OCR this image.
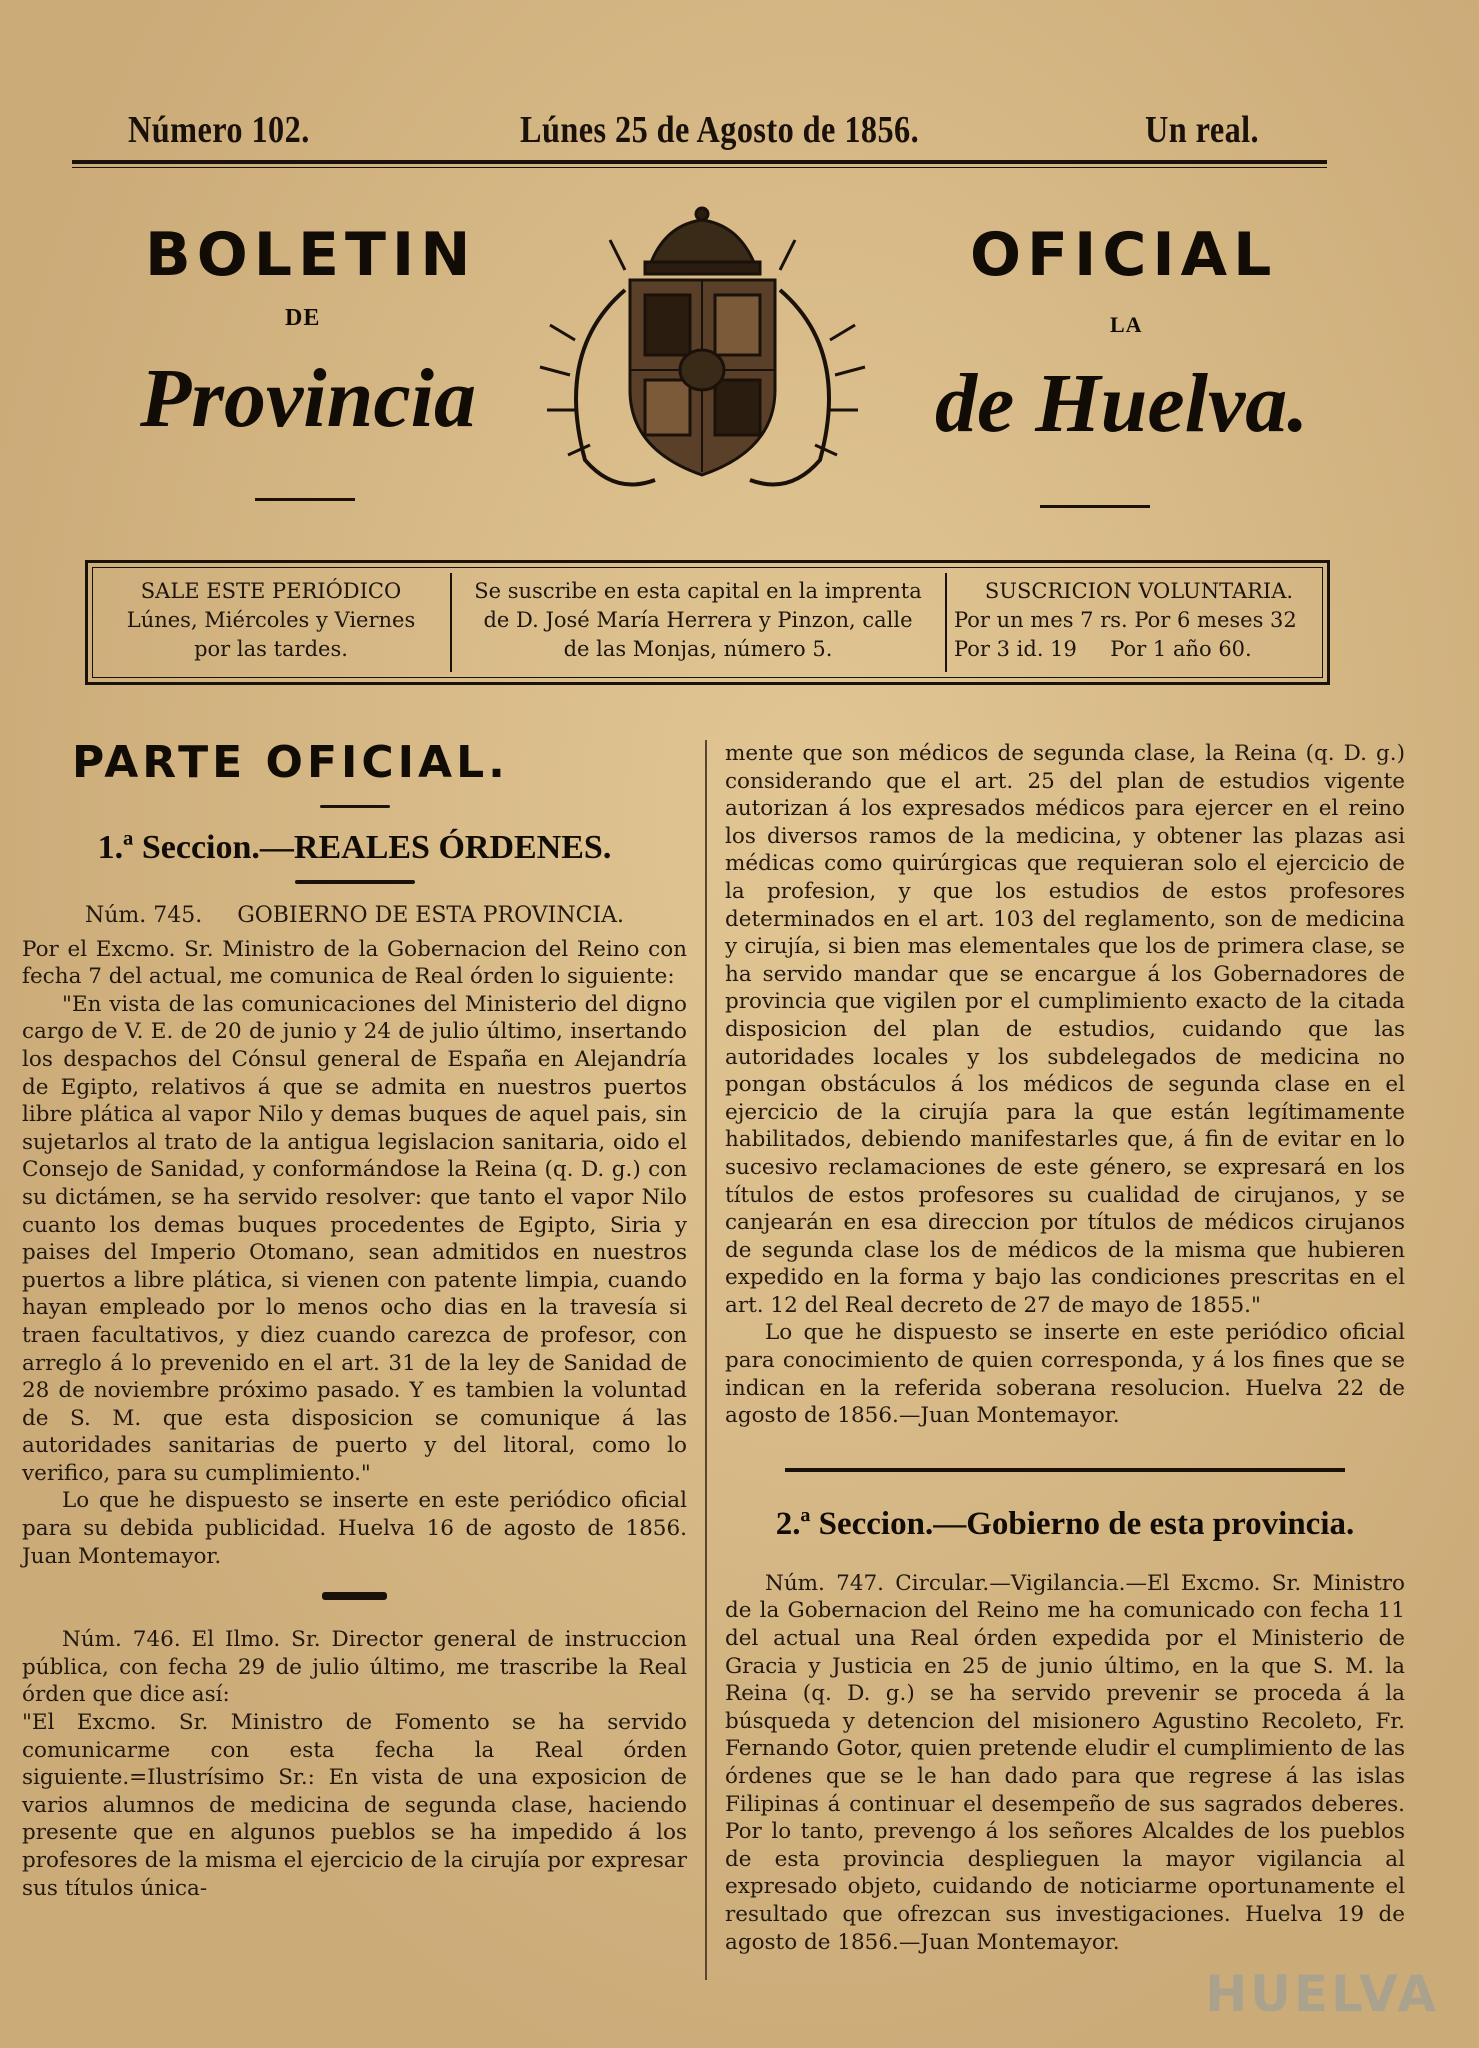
Número 102.	Lúnes 25 de Agosto de 1856.	Un real.
BOLETIN	OFICIAL
DE	LA
Provincia	de Huelva.
SALE ESTE PERIÓDICO
Lúnes, Miércoles y Viernes
por las tardes.
Se suscribe en esta capital en la imprenta
de D. José María Herrera y Pinzon, calle
de las Monjas, número 5.
SUSCRICION VOLUNTARIA.
Por un mes 7 rs. Por 6 meses 32
Por 3 id. 19     Por 1 año 60.
PARTE OFICIAL.
1.ª Seccion.—REALES ÓRDENES.

Núm. 745.     GOBIERNO DE ESTA PROVINCIA.

Por el Excmo. Sr. Ministro de la Gobernacion del Reino con fecha 7 del actual, me comunica de Real órden lo siguiente:

"En vista de las comunicaciones del Ministerio del digno cargo de V. E. de 20 de junio y 24 de julio último, insertando los despachos del Cónsul general de España en Alejandría de Egipto, relativos á que se admita en nuestros puertos libre plática al vapor Nilo y demas buques de aquel pais, sin sujetarlos al trato de la antigua legislacion sanitaria, oido el Consejo de Sanidad, y conformándose la Reina (q. D. g.) con su dictámen, se ha servido resolver: que tanto el vapor Nilo cuanto los demas buques procedentes de Egipto, Siria y paises del Imperio Otomano, sean admitidos en nuestros puertos a libre plática, si vienen con patente limpia, cuando hayan empleado por lo menos ocho dias en la travesía si traen facultativos, y diez cuando carezca de profesor, con arreglo á lo prevenido en el art. 31 de la ley de Sanidad de 28 de noviembre próximo pasado. Y es tambien la voluntad de S. M. que esta disposicion se comunique á las autoridades sanitarias de puerto y del litoral, como lo verifico, para su cumplimiento."

Lo que he dispuesto se inserte en este periódico oficial para su debida publicidad. Huelva 16 de agosto de 1856. Juan Montemayor.

Núm. 746. El Ilmo. Sr. Director general de instruccion pública, con fecha 29 de julio último, me trascribe la Real órden que dice así:

"El Excmo. Sr. Ministro de Fomento se ha servido comunicarme con esta fecha la Real órden siguiente.=Ilustrísimo Sr.: En vista de una exposicion de varios alumnos de medicina de segunda clase, haciendo presente que en algunos pueblos se ha impedido á los profesores de la misma el ejercicio de la cirujía por expresar sus títulos única-

mente que son médicos de segunda clase, la Reina (q. D. g.) considerando que el art. 25 del plan de estudios vigente autorizan á los expresados médicos para ejercer en el reino los diversos ramos de la medicina, y obtener las plazas asi médicas como quirúrgicas que requieran solo el ejercicio de la profesion, y que los estudios de estos profesores determinados en el art. 103 del reglamento, son de medicina y cirujía, si bien mas elementales que los de primera clase, se ha servido mandar que se encargue á los Gobernadores de provincia que vigilen por el cumplimiento exacto de la citada disposicion del plan de estudios, cuidando que las autoridades locales y los subdelegados de medicina no pongan obstáculos á los médicos de segunda clase en el ejercicio de la cirujía para la que están legítimamente habilitados, debiendo manifestarles que, á fin de evitar en lo sucesivo reclamaciones de este género, se expresará en los títulos de estos profesores su cualidad de cirujanos, y se canjearán en esa direccion por títulos de médicos cirujanos de segunda clase los de médicos de la misma que hubieren expedido en la forma y bajo las condiciones prescritas en el art. 12 del Real decreto de 27 de mayo de 1855."

Lo que he dispuesto se inserte en este periódico oficial para conocimiento de quien corresponda, y á los fines que se indican en la referida soberana resolucion. Huelva 22 de agosto de 1856.—Juan Montemayor.

2.ª Seccion.—Gobierno de esta provincia.

Núm. 747. Circular.—Vigilancia.—El Excmo. Sr. Ministro de la Gobernacion del Reino me ha comunicado con fecha 11 del actual una Real órden expedida por el Ministerio de Gracia y Justicia en 25 de junio último, en la que S. M. la Reina (q. D. g.) se ha servido prevenir se proceda á la búsqueda y detencion del misionero Agustino Recoleto, Fr. Fernando Gotor, quien pretende eludir el cumplimiento de las órdenes que se le han dado para que regrese á las islas Filipinas á continuar el desempeño de sus sagrados deberes. Por lo tanto, prevengo á los señores Alcaldes de los pueblos de esta provincia desplieguen la mayor vigilancia al expresado objeto, cuidando de noticiarme oportunamente el resultado que ofrezcan sus investigaciones. Huelva 19 de agosto de 1856.—Juan Montemayor.

HUELVA
